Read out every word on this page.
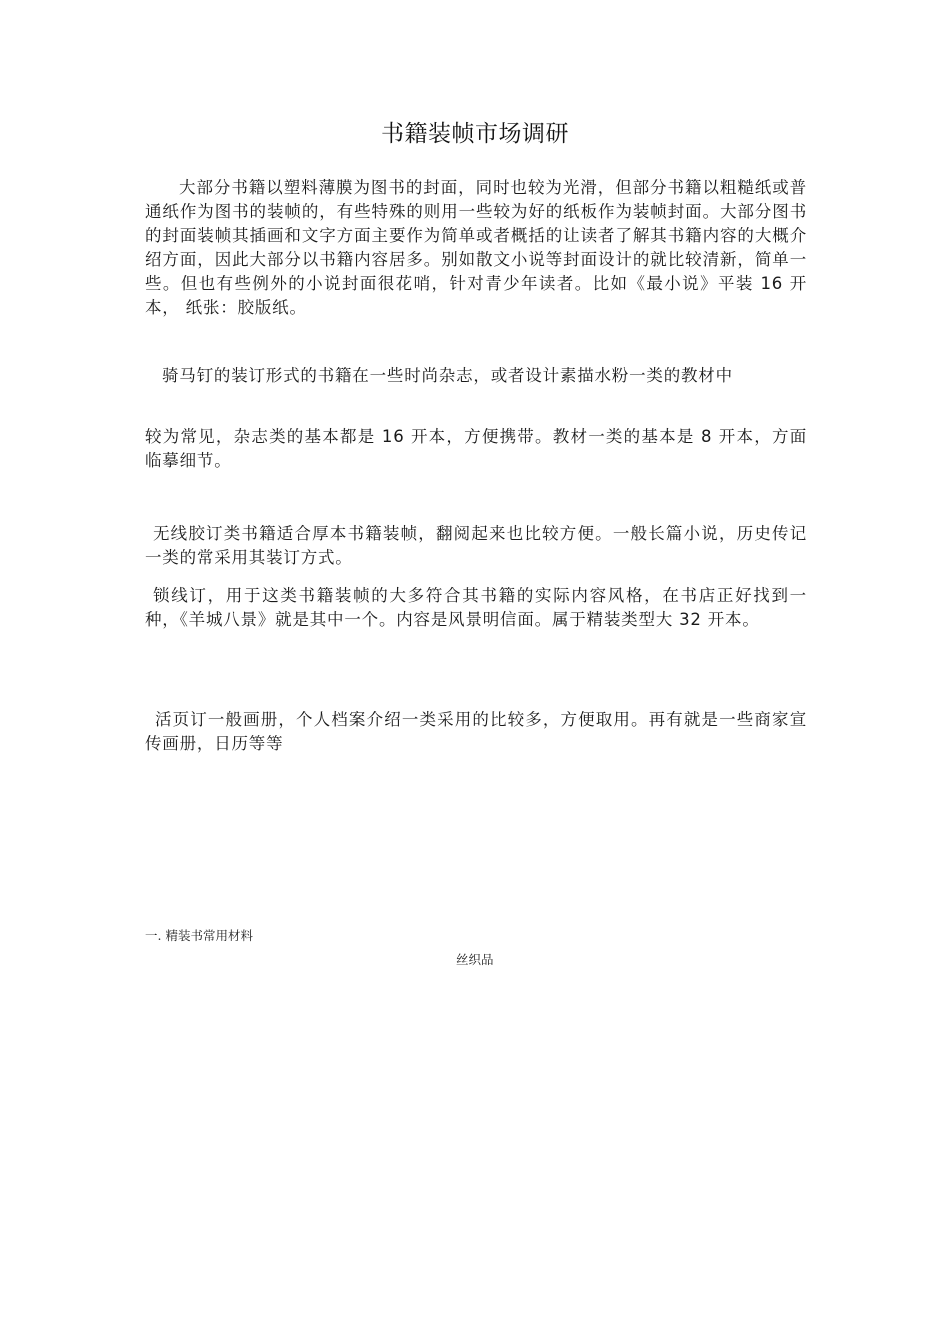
书籍装帧市场调研

大部分书籍以塑料薄膜为图书的封面，同时也较为光滑，但部分书籍以粗糙纸或普通纸作为图书的装帧的，有些特殊的则用一些较为好的纸板作为装帧封面。大部分图书的封面装帧其插画和文字方面主要作为简单或者概括的让读者了解其书籍内容的大概介绍方面，因此大部分以书籍内容居多。别如散文小说等封面设计的就比较清新，简单一些。但也有些例外的小说封面很花哨，针对青少年读者。比如《最小说》平装 16 开本， 纸张：胶版纸。

骑马钉的装订形式的书籍在一些时尚杂志，或者设计素描水粉一类的教材中

较为常见，杂志类的基本都是 16 开本，方便携带。教材一类的基本是 8 开本，方面临摹细节。

无线胶订类书籍适合厚本书籍装帧，翻阅起来也比较方便。一般长篇小说，历史传记一类的常采用其装订方式。

锁线订，用于这类书籍装帧的大多符合其书籍的实际内容风格，在书店正好找到一种，《羊城八景》就是其中一个。内容是风景明信面。属于精装类型大 32 开本。

活页订一般画册，个人档案介绍一类采用的比较多，方便取用。再有就是一些商家宣传画册，日历等等

一. 精装书常用材料
丝织品
